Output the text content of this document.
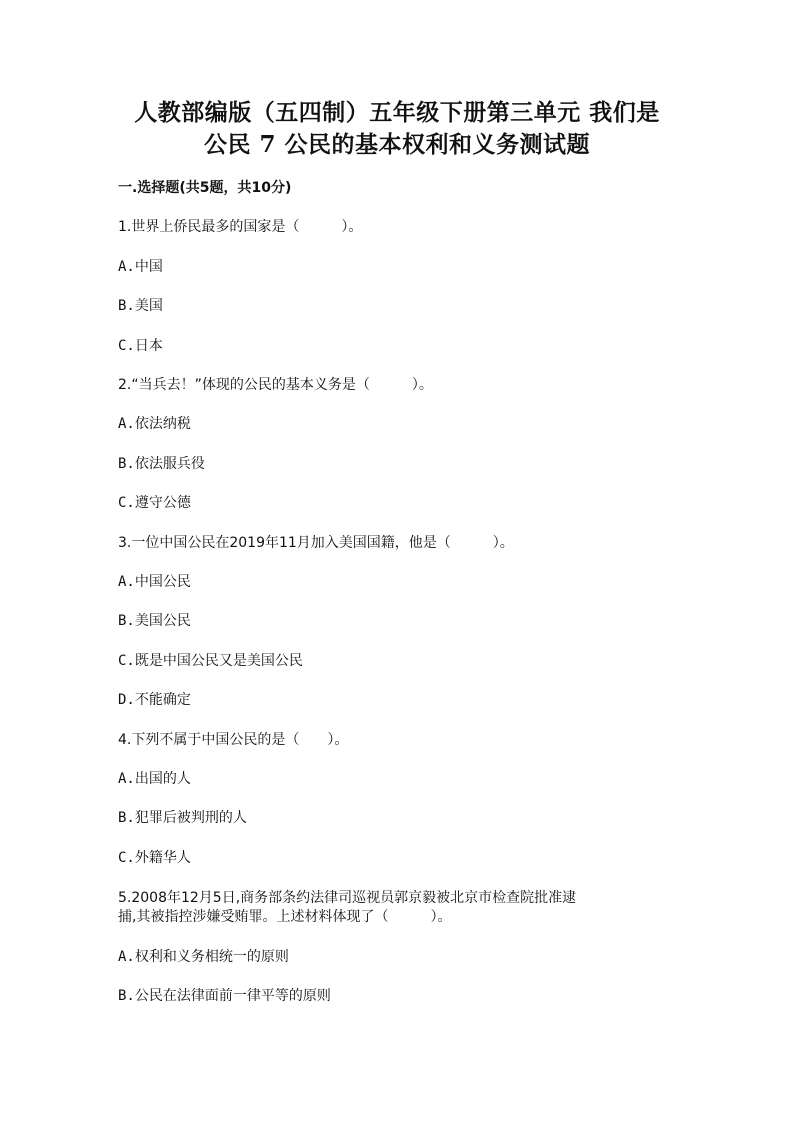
人教部编版（五四制）五年级下册第三单元 我们是
公民 7 公民的基本权利和义务测试题
一.选择题(共5题，共10分)
1.世界上侨民最多的国家是（　　　）。
A.中国
B.美国
C.日本
2.“当兵去！”体现的公民的基本义务是（　　　）。
A.依法纳税
B.依法服兵役
C.遵守公德
3.一位中国公民在2019年11月加入美国国籍，他是（　　　）。
A.中国公民
B.美国公民
C.既是中国公民又是美国公民
D.不能确定
4.下列不属于中国公民的是（　　）。
A.出国的人
B.犯罪后被判刑的人
C.外籍华人
5.2008年12月5日,商务部条约法律司巡视员郭京毅被北京市检查院批准逮
捕,其被指控涉嫌受贿罪。上述材料体现了（　　　）。
A.权利和义务相统一的原则
B.公民在法律面前一律平等的原则
